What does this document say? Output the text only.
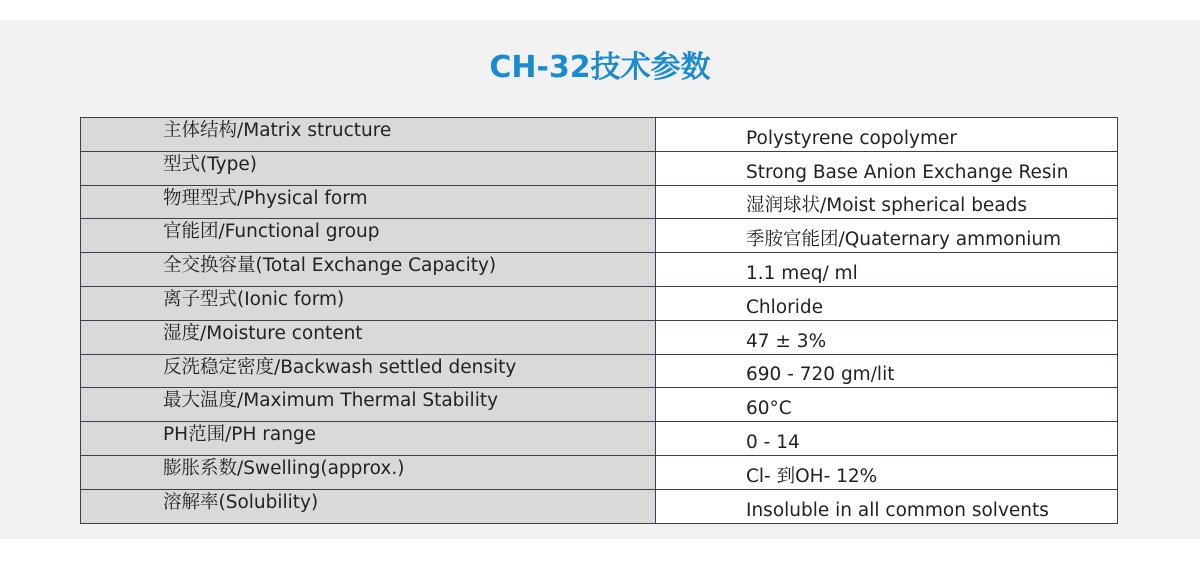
CH-32技术参数
主体结构/Matrix structure	Polystyrene copolymer
型式(Type)	Strong Base Anion Exchange Resin
物理型式/Physical form	湿润球状/Moist spherical beads
官能团/Functional group	季胺官能团/Quaternary ammonium
全交换容量(Total Exchange Capacity)	1.1 meq/ ml
离子型式(Ionic form)	Chloride
湿度/Moisture content	47 ± 3%
反洗稳定密度/Backwash settled density	690 - 720 gm/lit
最大温度/Maximum Thermal Stability	60°C
PH范围/PH range	0 - 14
膨胀系数/Swelling(approx.)	Cl- 到OH- 12%
溶解率(Solubility)	Insoluble in all common solvents
